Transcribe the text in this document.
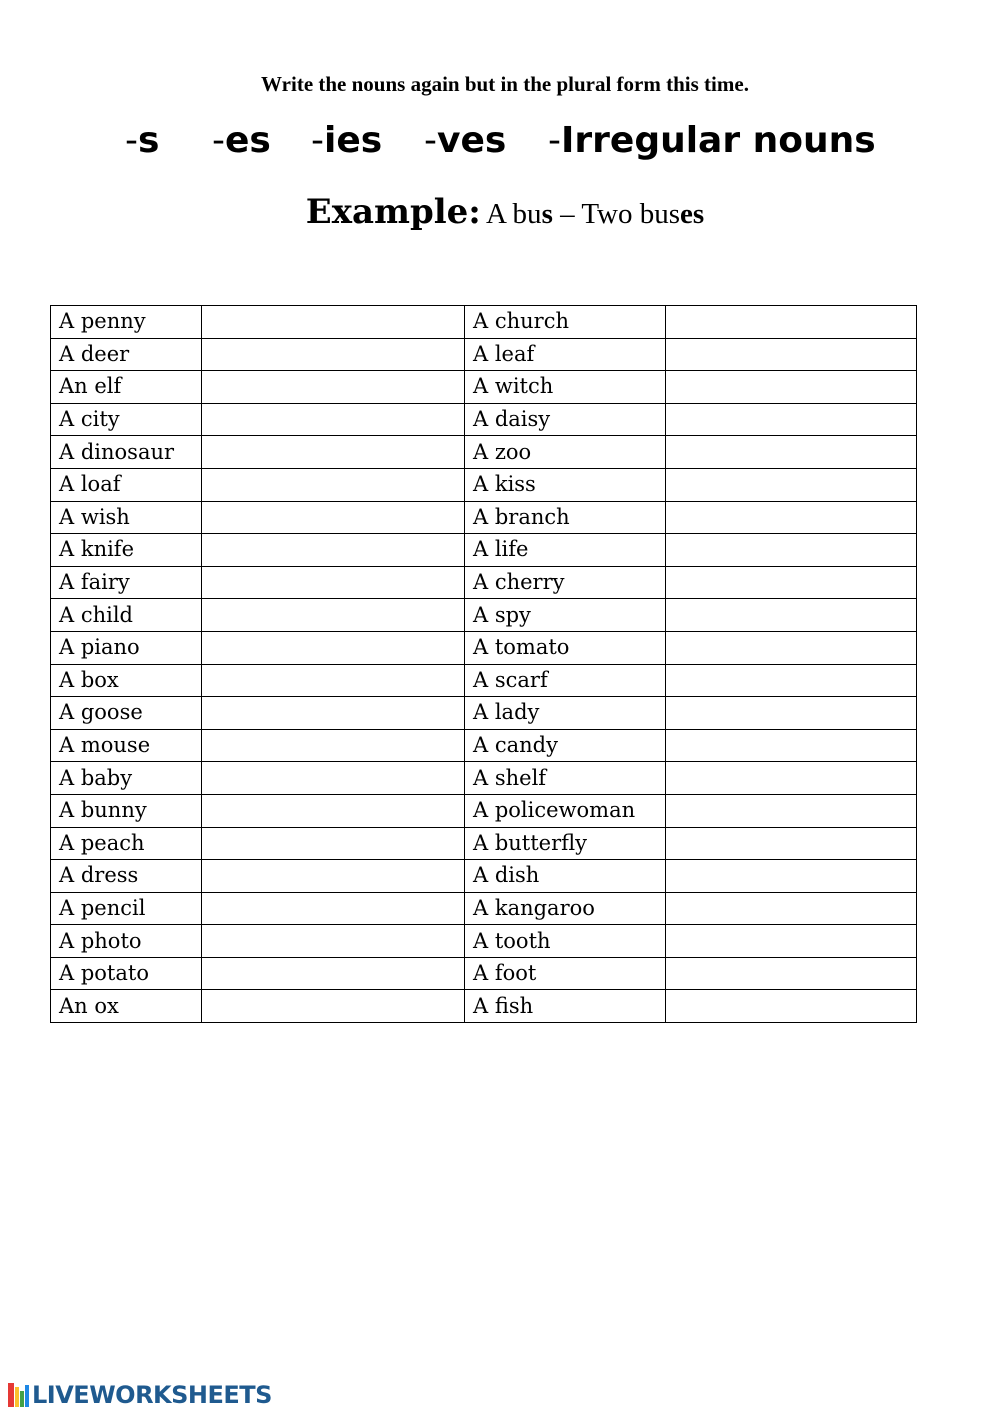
Write the nouns again but in the plural form this time.
-s -es -ies -ves -Irregular nouns
Example: A bus – Two buses
A penny		A church	
A deer		A leaf	
An elf		A witch	
A city		A daisy	
A dinosaur		A zoo	
A loaf		A kiss	
A wish		A branch	
A knife		A life	
A fairy		A cherry	
A child		A spy	
A piano		A tomato	
A box		A scarf	
A goose		A lady	
A mouse		A candy	
A baby		A shelf	
A bunny		A policewoman	
A peach		A butterfly	
A dress		A dish	
A pencil		A kangaroo	
A photo		A tooth	
A potato		A foot	
An ox		A fish	
LIVEWORKSHEETS
